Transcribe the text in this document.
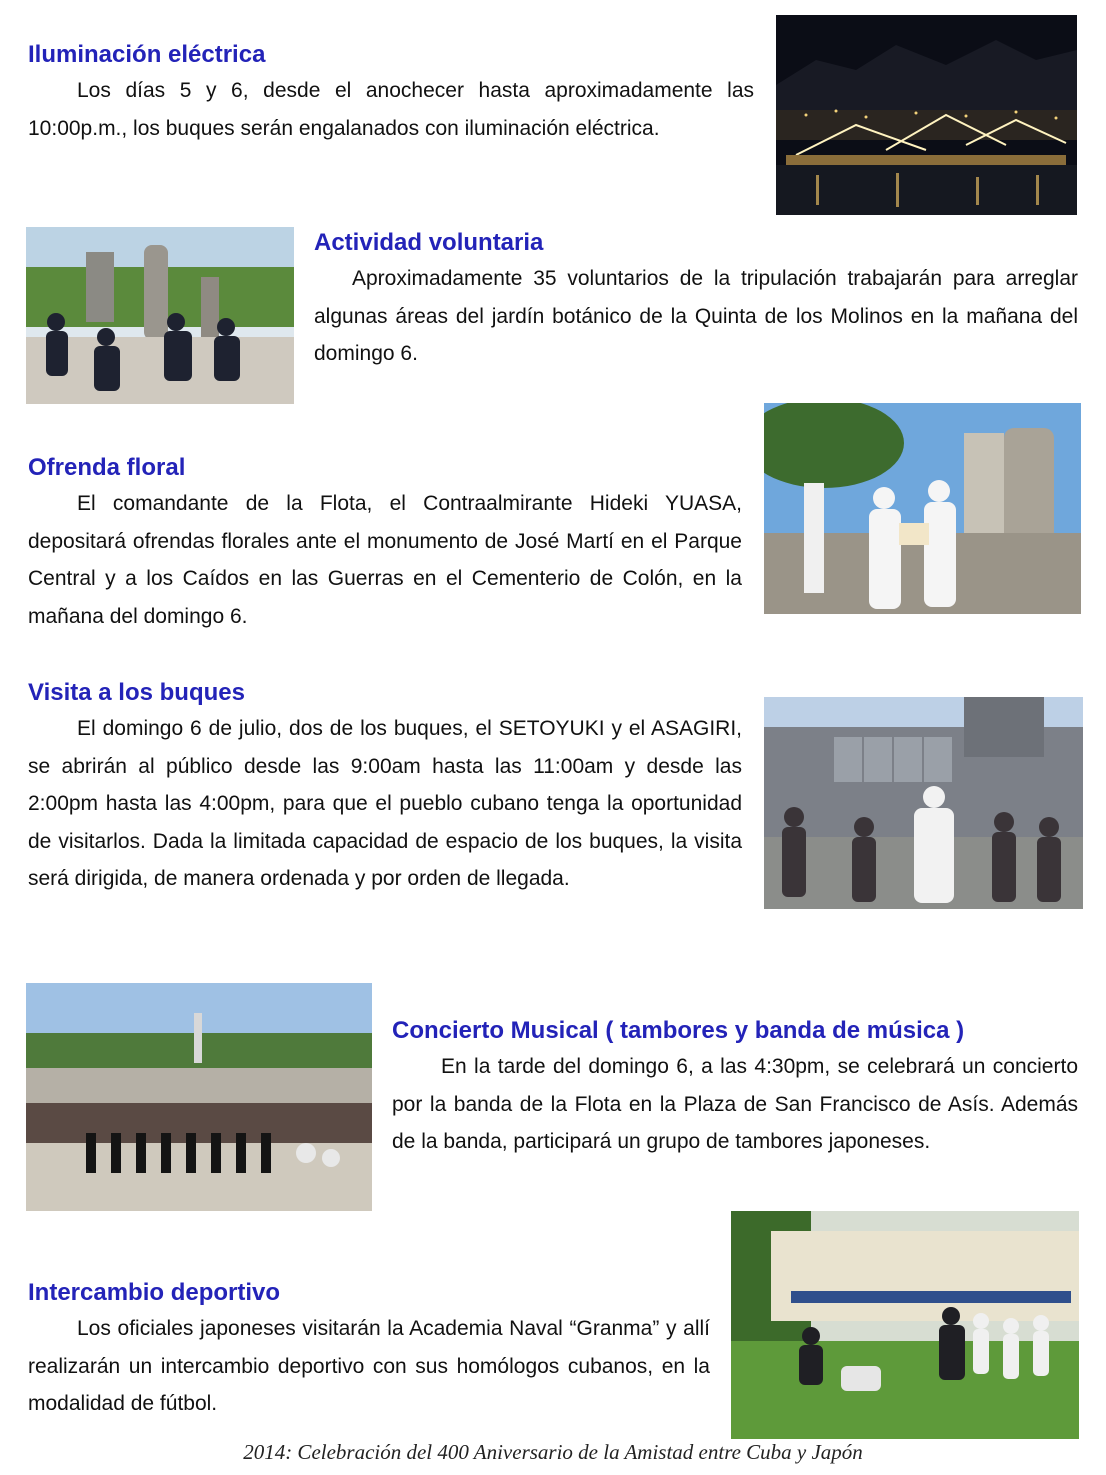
Iluminación eléctrica

Los días 5 y 6, desde el anochecer hasta aproximadamente las 10:00p.m., los buques serán engalanados con iluminación eléctrica.

Actividad voluntaria

Aproximadamente 35 voluntarios de la tripulación trabajarán para arreglar algunas áreas del jardín botánico de la Quinta de los Molinos en la mañana del domingo 6.

Ofrenda floral

El comandante de la Flota, el Contraalmirante Hideki YUASA, depositará ofrendas florales ante el monumento de José Martí en el Parque Central y a los Caídos en las Guerras en el Cementerio de Colón, en la mañana del domingo 6.

Visita a los buques

El domingo 6 de julio, dos de los buques, el SETOYUKI y el ASAGIRI, se abrirán al público desde las 9:00am hasta las 11:00am y desde las 2:00pm hasta las 4:00pm, para que el pueblo cubano tenga la oportunidad de visitarlos. Dada la limitada capacidad de espacio de los buques, la visita será dirigida, de manera ordenada y por orden de llegada.

Concierto Musical ( tambores y banda de música )

En la tarde del domingo 6, a las 4:30pm, se celebrará un concierto por la banda de la Flota en la Plaza de San Francisco de Asís. Además de la banda, participará un grupo de tambores japoneses.

Intercambio deportivo

Los oficiales japoneses visitarán la Academia Naval “Granma” y allí realizarán un intercambio deportivo con sus homólogos cubanos, en la modalidad de fútbol.

2014: Celebración del 400 Aniversario de la Amistad entre Cuba y Japón
